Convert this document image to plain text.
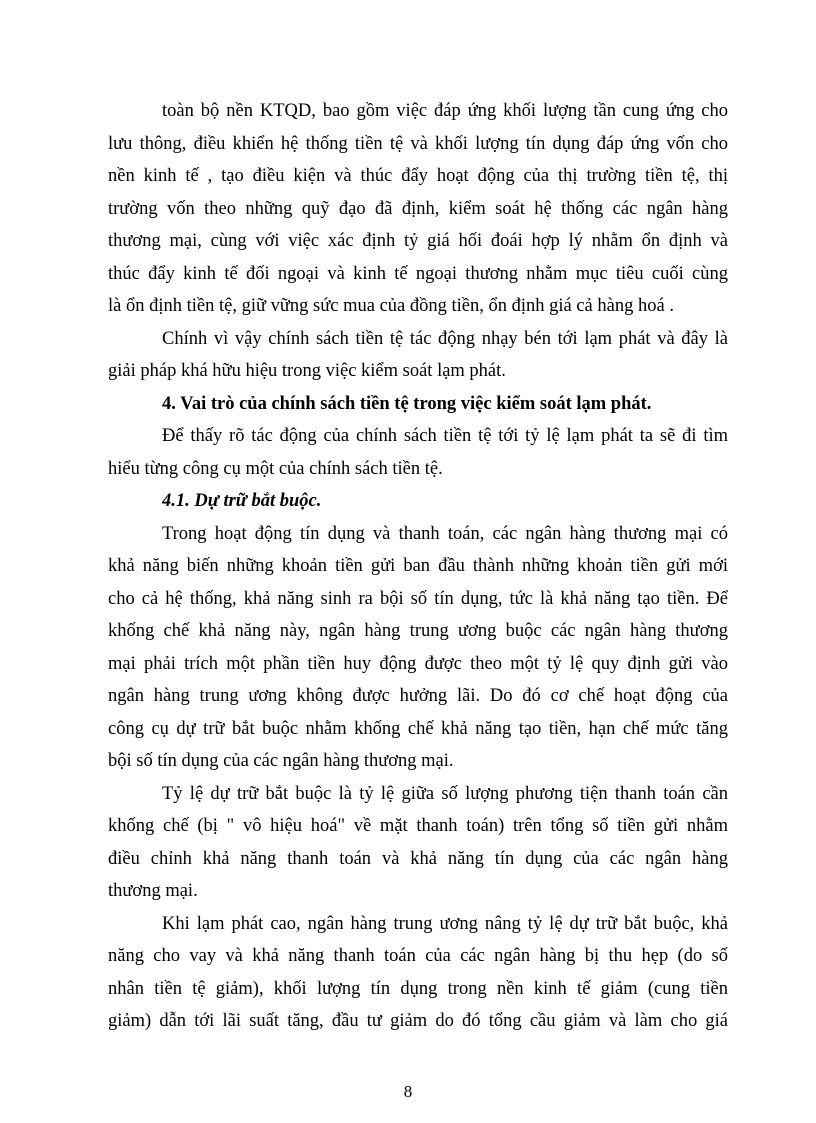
toàn bộ nền KTQD, bao gồm việc đáp ứng khối lượng tần cung ứng cho
lưu thông, điều khiển hệ thống tiền tệ và khối lượng tín dụng đáp ứng vốn cho
nền kinh tế , tạo điều kiện và thúc đẩy hoạt động của thị trường tiền tệ, thị
trường vốn theo những quỹ đạo đã định, kiểm soát hệ thống các ngân hàng
thương mại, cùng với việc xác định tỷ giá hối đoái hợp lý nhằm ổn định và
thúc đẩy kinh tế đối ngoại và kinh tế ngoại thương nhằm mục tiêu cuối cùng
là ổn định tiền tệ, giữ vững sức mua của đồng tiền, ổn định giá cả hàng hoá .
Chính vì vậy chính sách tiền tệ tác động nhạy bén tới lạm phát và đây là
giải pháp khá hữu hiệu trong việc kiểm soát lạm phát.
4. Vai trò của chính sách tiền tệ trong việc kiểm soát lạm phát.
Để thấy rõ tác động của chính sách tiền tệ tới tỷ lệ lạm phát ta sẽ đi tìm
hiểu từng công cụ một của chính sách tiền tệ.
4.1. Dự trữ bắt buộc.
Trong hoạt động tín dụng và thanh toán, các ngân hàng thương mại có
khả năng biến những khoản tiền gửi ban đầu thành những khoản tiền gửi mới
cho cả hệ thống, khả năng sinh ra bội số tín dụng, tức là khả năng tạo tiền. Để
khống chế khả năng này, ngân hàng trung ương buộc các ngân hàng thương
mại phải trích một phần tiền huy động được theo một tỷ lệ quy định gửi vào
ngân hàng trung ương không được hưởng lãi. Do đó cơ chế hoạt động của
công cụ dự trữ bắt buộc nhằm khống chế khả năng tạo tiền, hạn chế mức tăng
bội số tín dụng của các ngân hàng thương mại.
Tỷ lệ dự trữ bắt buộc là tỷ lệ giữa số lượng phương tiện thanh toán cần
khống chế (bị " vô hiệu hoá" về mặt thanh toán) trên tổng số tiền gửi nhằm
điều chỉnh khả năng thanh toán và khả năng tín dụng của các ngân hàng
thương mại.
Khi lạm phát cao, ngân hàng trung ương nâng tỷ lệ dự trữ bắt buộc, khả
năng cho vay và khả năng thanh toán của các ngân hàng bị thu hẹp (do số
nhân tiền tệ giảm), khối lượng tín dụng trong nền kinh tế giảm (cung tiền
giảm) dẫn tới lãi suất tăng, đầu tư giảm do đó tổng cầu giảm và làm cho giá
8
